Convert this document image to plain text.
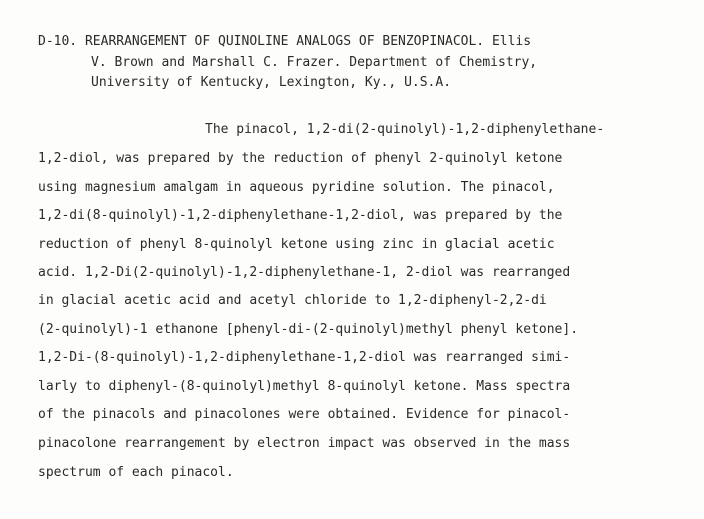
D-10. REARRANGEMENT OF QUINOLINE ANALOGS OF BENZOPINACOL. Ellis
V. Brown and Marshall C. Frazer. Department of Chemistry,
University of Kentucky, Lexington, Ky., U.S.A.
The pinacol, 1,2-di(2-quinolyl)-1,2-diphenylethane-
1,2-diol, was prepared by the reduction of phenyl 2-quinolyl ketone
using magnesium amalgam in aqueous pyridine solution. The pinacol,
1,2-di(8-quinolyl)-1,2-diphenylethane-1,2-diol, was prepared by the
reduction of phenyl 8-quinolyl ketone using zinc in glacial acetic
acid. 1,2-Di(2-quinolyl)-1,2-diphenylethane-1, 2-diol was rearranged
in glacial acetic acid and acetyl chloride to 1,2-diphenyl-2,2-di
(2-quinolyl)-1 ethanone [phenyl-di-(2-quinolyl)methyl phenyl ketone].
1,2-Di-(8-quinolyl)-1,2-diphenylethane-1,2-diol was rearranged simi-
larly to diphenyl-(8-quinolyl)methyl 8-quinolyl ketone. Mass spectra
of the pinacols and pinacolones were obtained. Evidence for pinacol-
pinacolone rearrangement by electron impact was observed in the mass
spectrum of each pinacol.
